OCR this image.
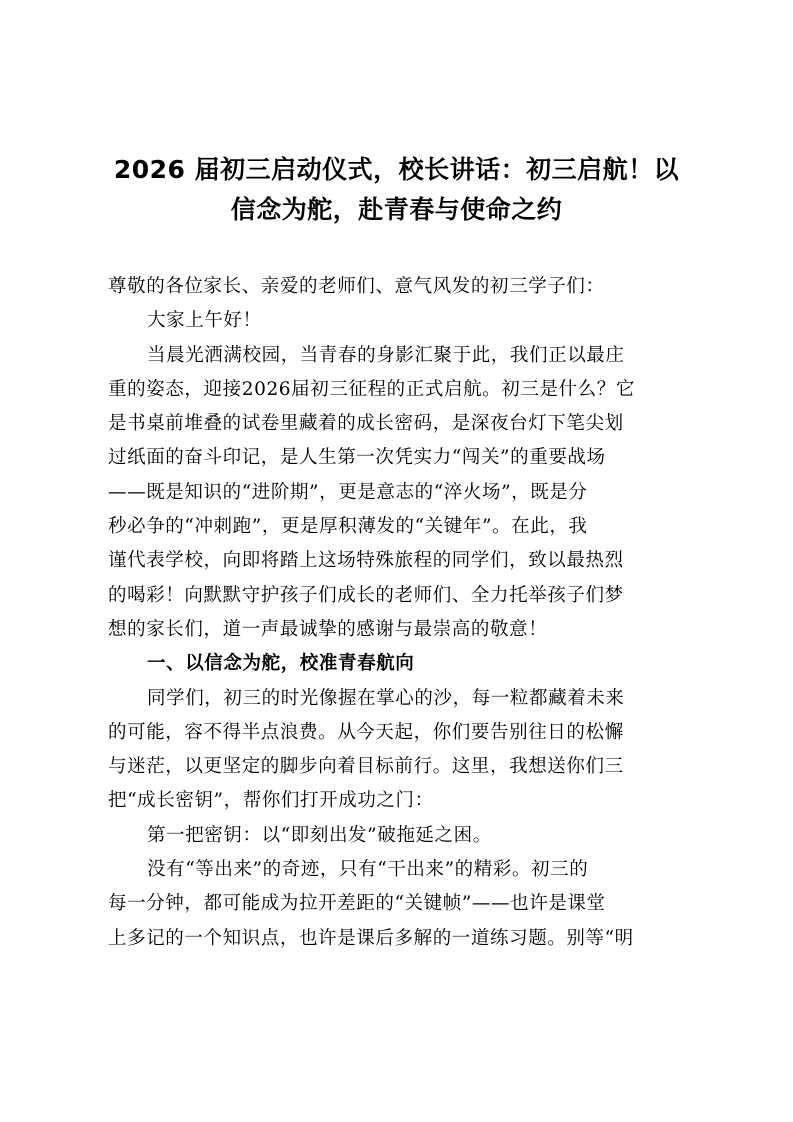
2026 届初三启动仪式，校长讲话：初三启航！以
信念为舵，赴青春与使命之约

尊敬的各位家长、亲爱的老师们、意气风发的初三学子们：

大家上午好！

当晨光洒满校园，当青春的身影汇聚于此，我们正以最庄
重的姿态，迎接2026届初三征程的正式启航。初三是什么？它
是书桌前堆叠的试卷里藏着的成长密码，是深夜台灯下笔尖划
过纸面的奋斗印记，是人生第一次凭实力“闯关”的重要战场
——既是知识的“进阶期”，更是意志的“淬火场”，既是分
秒必争的“冲刺跑”，更是厚积薄发的“关键年”。在此，我
谨代表学校，向即将踏上这场特殊旅程的同学们，致以最热烈
的喝彩！向默默守护孩子们成长的老师们、全力托举孩子们梦
想的家长们，道一声最诚挚的感谢与最崇高的敬意！

一、以信念为舵，校准青春航向

同学们，初三的时光像握在掌心的沙，每一粒都藏着未来
的可能，容不得半点浪费。从今天起，你们要告别往日的松懈
与迷茫，以更坚定的脚步向着目标前行。这里，我想送你们三
把“成长密钥”，帮你们打开成功之门：

第一把密钥：以“即刻出发”破拖延之困。

没有“等出来”的奇迹，只有“干出来”的精彩。初三的
每一分钟，都可能成为拉开差距的“关键帧”——也许是课堂
上多记的一个知识点，也许是课后多解的一道练习题。别等“明
